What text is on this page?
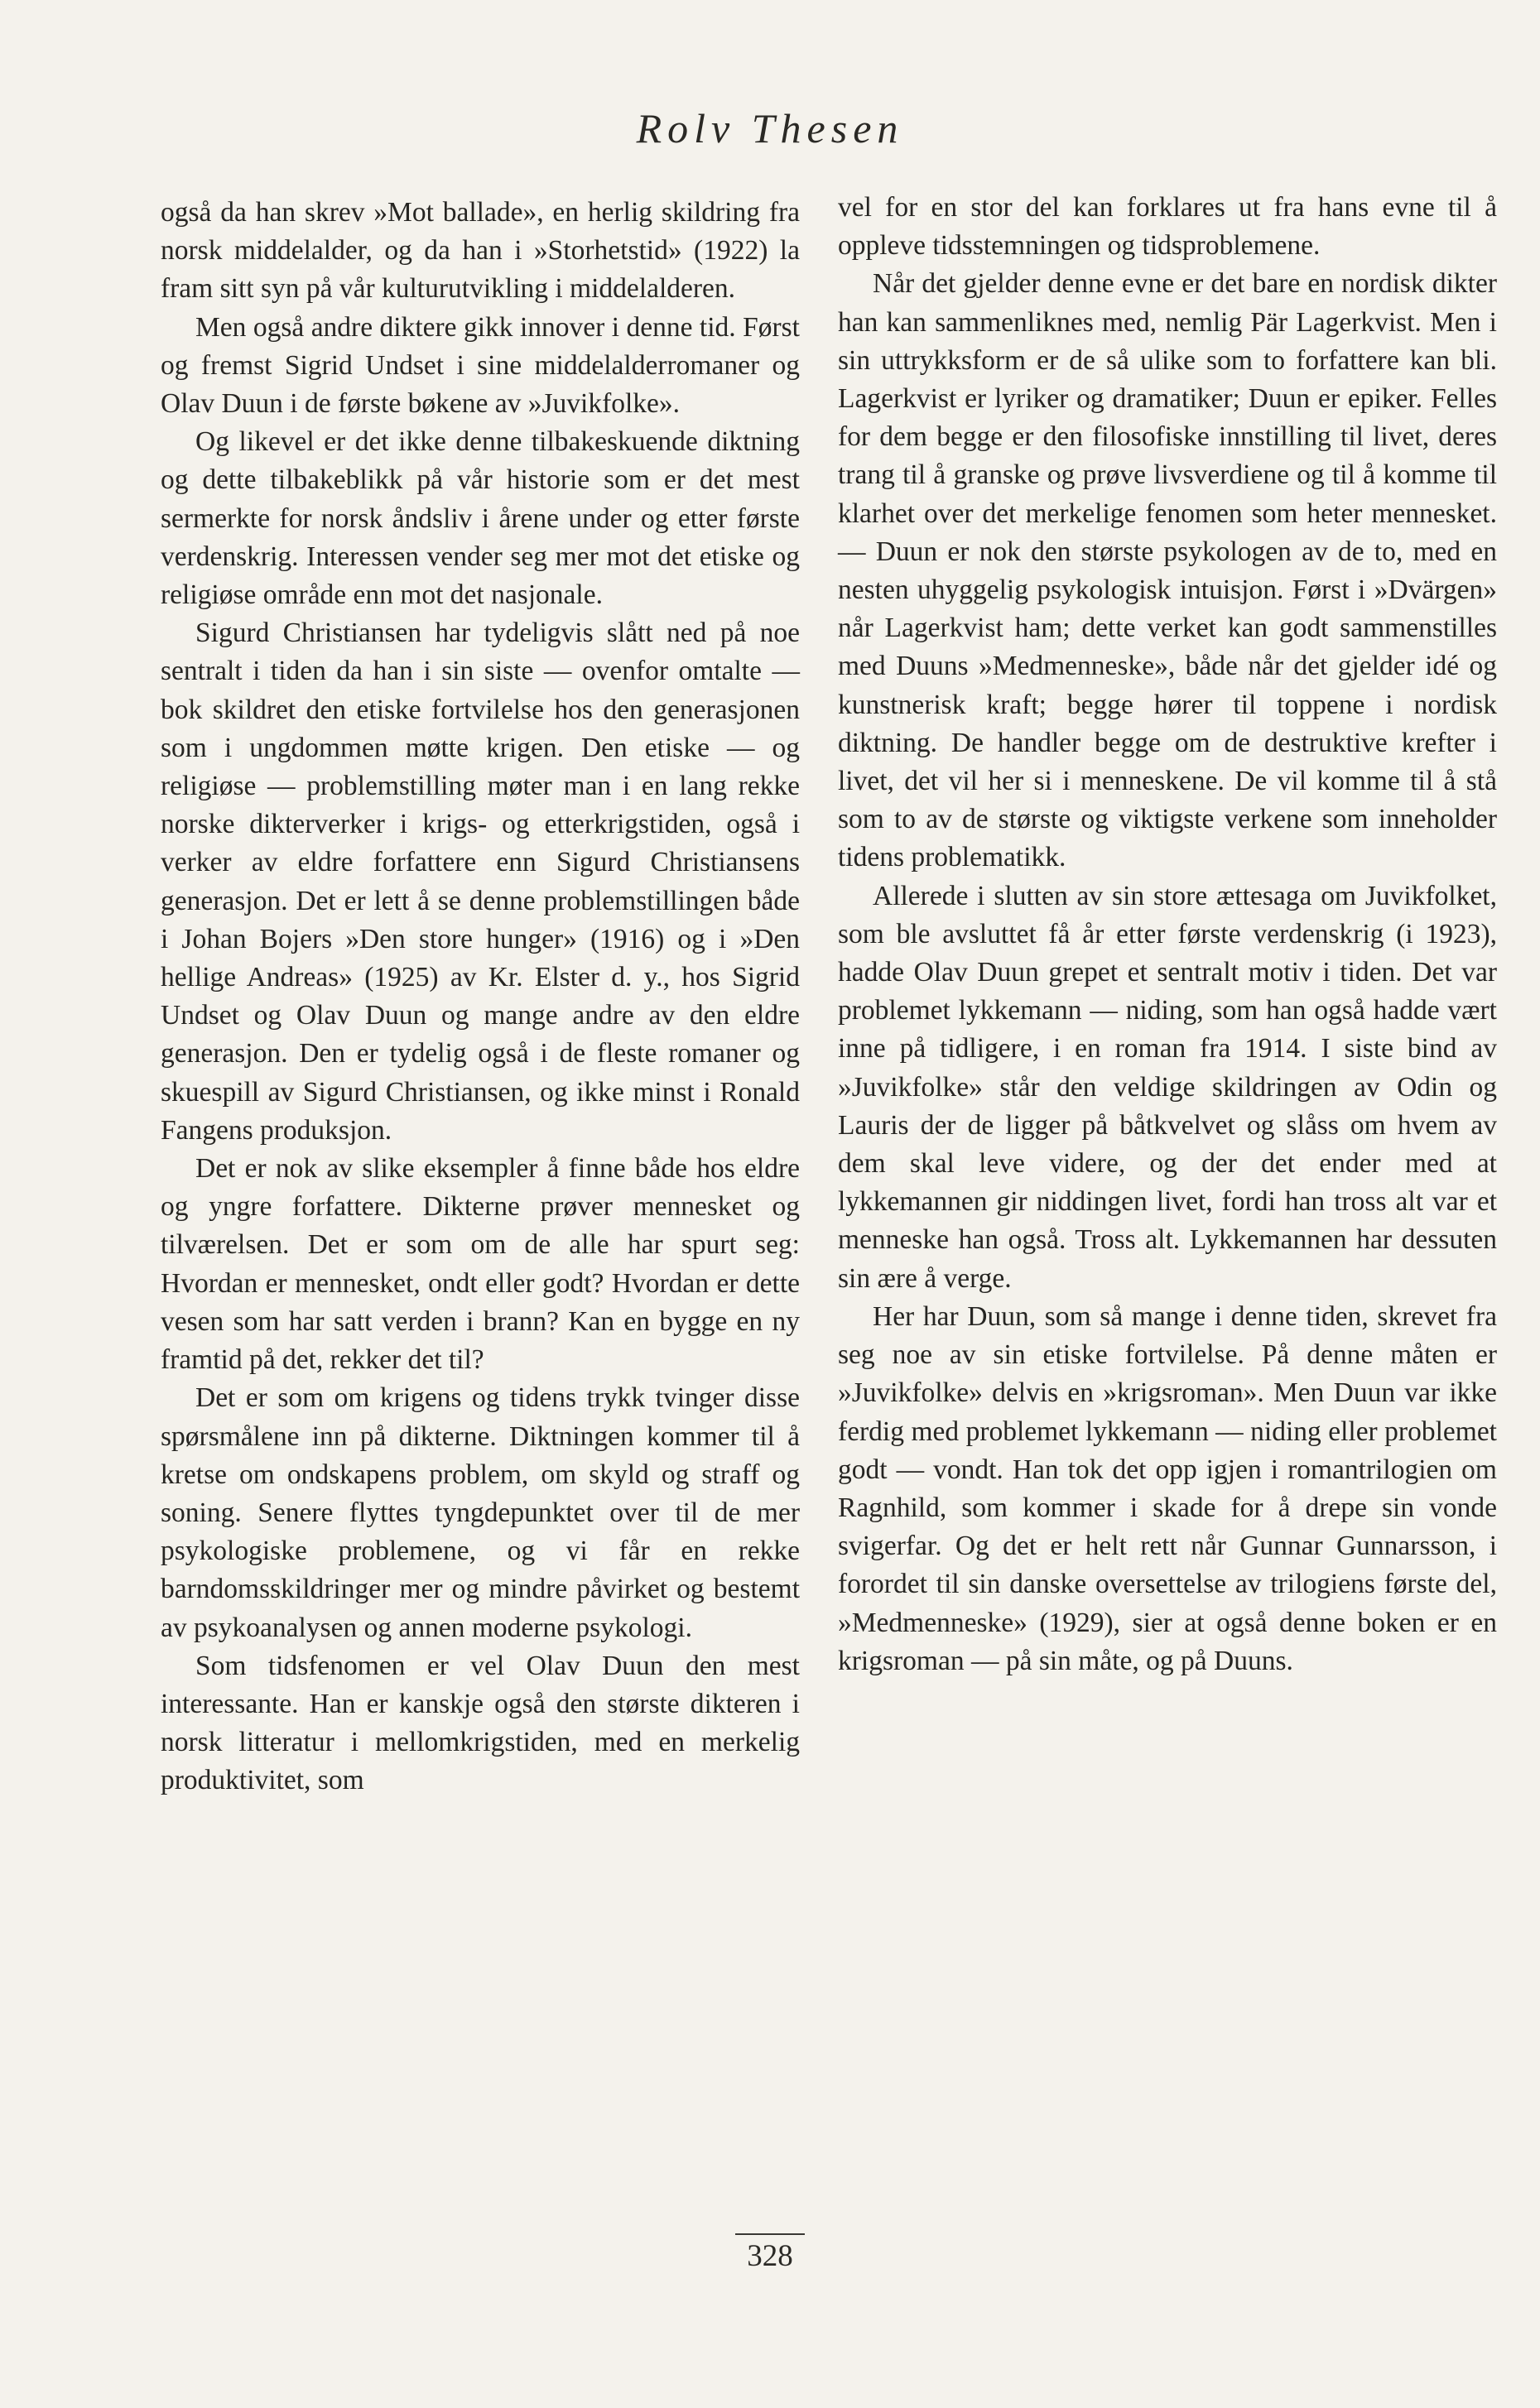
Rolv Thesen

også da han skrev »Mot ballade», en herlig skildring fra norsk middelalder, og da han i »Storhetstid» (1922) la fram sitt syn på vår kulturutvikling i middelalderen.

Men også andre diktere gikk innover i denne tid. Først og fremst Sigrid Undset i sine middelalderromaner og Olav Duun i de første bøkene av »Juvikfolke».

Og likevel er det ikke denne tilbakeskuende diktning og dette tilbakeblikk på vår historie som er det mest sermerkte for norsk åndsliv i årene under og etter første verdenskrig. Interessen vender seg mer mot det etiske og religiøse område enn mot det nasjonale.

Sigurd Christiansen har tydeligvis slått ned på noe sentralt i tiden da han i sin siste — ovenfor omtalte — bok skildret den etiske fortvilelse hos den generasjonen som i ungdommen møtte krigen. Den etiske — og religiøse — problemstilling møter man i en lang rekke norske dikterverker i krigs- og etterkrigstiden, også i verker av eldre forfattere enn Sigurd Christiansens generasjon. Det er lett å se denne problemstillingen både i Johan Bojers »Den store hunger» (1916) og i »Den hellige Andreas» (1925) av Kr. Elster d. y., hos Sigrid Undset og Olav Duun og mange andre av den eldre generasjon. Den er tydelig også i de fleste romaner og skuespill av Sigurd Christiansen, og ikke minst i Ronald Fangens produksjon.

Det er nok av slike eksempler å finne både hos eldre og yngre forfattere. Dikterne prøver mennesket og tilværelsen. Det er som om de alle har spurt seg: Hvordan er mennesket, ondt eller godt? Hvordan er dette vesen som har satt verden i brann? Kan en bygge en ny framtid på det, rekker det til?

Det er som om krigens og tidens trykk tvinger disse spørsmålene inn på dikterne. Diktningen kommer til å kretse om ondskapens problem, om skyld og straff og soning. Senere flyttes tyngdepunktet over til de mer psykologiske problemene, og vi får en rekke barndomsskildringer mer og mindre påvirket og bestemt av psykoanalysen og annen moderne psykologi.

Som tidsfenomen er vel Olav Duun den mest interessante. Han er kanskje også den største dikteren i norsk litteratur i mellomkrigstiden, med en merkelig produktivitet, som

vel for en stor del kan forklares ut fra hans evne til å oppleve tidsstemningen og tidsproblemene.

Når det gjelder denne evne er det bare en nordisk dikter han kan sammenliknes med, nemlig Pär Lagerkvist. Men i sin uttrykksform er de så ulike som to forfattere kan bli. Lagerkvist er lyriker og dramatiker; Duun er epiker. Felles for dem begge er den filosofiske innstilling til livet, deres trang til å granske og prøve livsverdiene og til å komme til klarhet over det merkelige fenomen som heter mennesket. — Duun er nok den største psykologen av de to, med en nesten uhyggelig psykologisk intuisjon. Først i »Dvärgen» når Lagerkvist ham; dette verket kan godt sammenstilles med Duuns »Medmenneske», både når det gjelder idé og kunstnerisk kraft; begge hører til toppene i nordisk diktning. De handler begge om de destruktive krefter i livet, det vil her si i menneskene. De vil komme til å stå som to av de største og viktigste verkene som inneholder tidens problematikk.

Allerede i slutten av sin store ættesaga om Juvikfolket, som ble avsluttet få år etter første verdenskrig (i 1923), hadde Olav Duun grepet et sentralt motiv i tiden. Det var problemet lykkemann — niding, som han også hadde vært inne på tidligere, i en roman fra 1914. I siste bind av »Juvikfolke» står den veldige skildringen av Odin og Lauris der de ligger på båtkvelvet og slåss om hvem av dem skal leve videre, og der det ender med at lykkemannen gir niddingen livet, fordi han tross alt var et menneske han også. Tross alt. Lykkemannen har dessuten sin ære å verge.

Her har Duun, som så mange i denne tiden, skrevet fra seg noe av sin etiske fortvilelse. På denne måten er »Juvikfolke» delvis en »krigsroman». Men Duun var ikke ferdig med problemet lykkemann — niding eller problemet godt — vondt. Han tok det opp igjen i romantrilogien om Ragnhild, som kommer i skade for å drepe sin vonde svigerfar. Og det er helt rett når Gunnar Gunnarsson, i forordet til sin danske oversettelse av trilogiens første del, »Medmenneske» (1929), sier at også denne boken er en krigsroman — på sin måte, og på Duuns.

328
